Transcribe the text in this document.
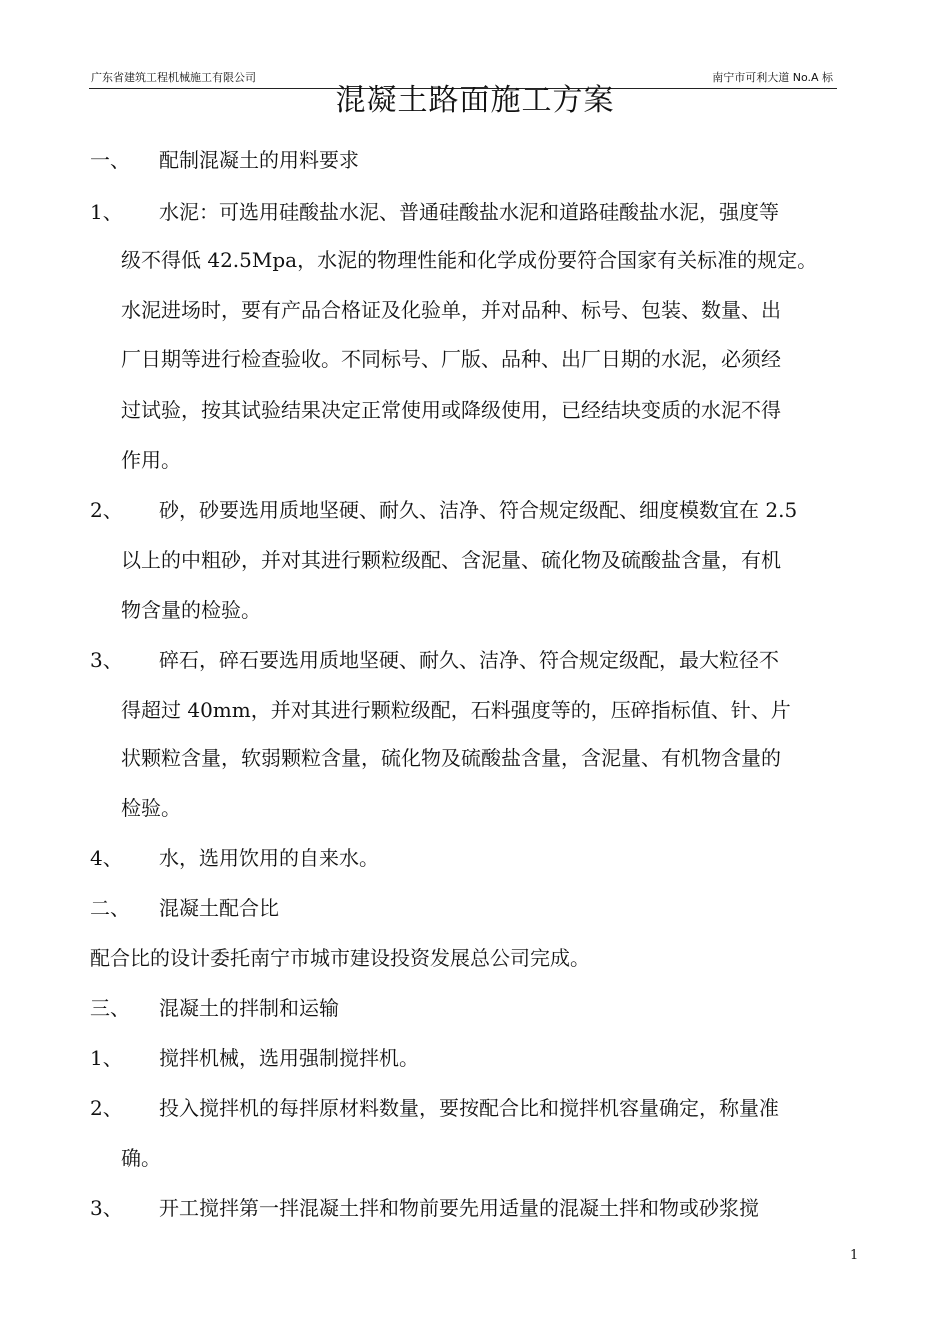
广东省建筑工程机械施工有限公司	南宁市可利大道 No.A 标
混凝土路面施工方案
一、 配制混凝土的用料要求
1、 水泥：可选用硅酸盐水泥、普通硅酸盐水泥和道路硅酸盐水泥，强度等
级不得低 42.5Mpa，水泥的物理性能和化学成份要符合国家有关标准的规定。
水泥进场时，要有产品合格证及化验单，并对品种、标号、包装、数量、出
厂日期等进行检查验收。不同标号、厂版、品种、出厂日期的水泥，必须经
过试验，按其试验结果决定正常使用或降级使用，已经结块变质的水泥不得
作用。
2、 砂，砂要选用质地坚硬、耐久、洁净、符合规定级配、细度模数宜在 2.5
以上的中粗砂，并对其进行颗粒级配、含泥量、硫化物及硫酸盐含量，有机
物含量的检验。
3、 碎石，碎石要选用质地坚硬、耐久、洁净、符合规定级配，最大粒径不
得超过 40mm，并对其进行颗粒级配，石料强度等的，压碎指标值、针、片
状颗粒含量，软弱颗粒含量，硫化物及硫酸盐含量，含泥量、有机物含量的
检验。
4、 水，选用饮用的自来水。
二、 混凝土配合比
配合比的设计委托南宁市城市建设投资发展总公司完成。
三、 混凝土的拌制和运输
1、 搅拌机械，选用强制搅拌机。
2、 投入搅拌机的每拌原材料数量，要按配合比和搅拌机容量确定，称量准
确。
3、 开工搅拌第一拌混凝土拌和物前要先用适量的混凝土拌和物或砂浆搅
1
